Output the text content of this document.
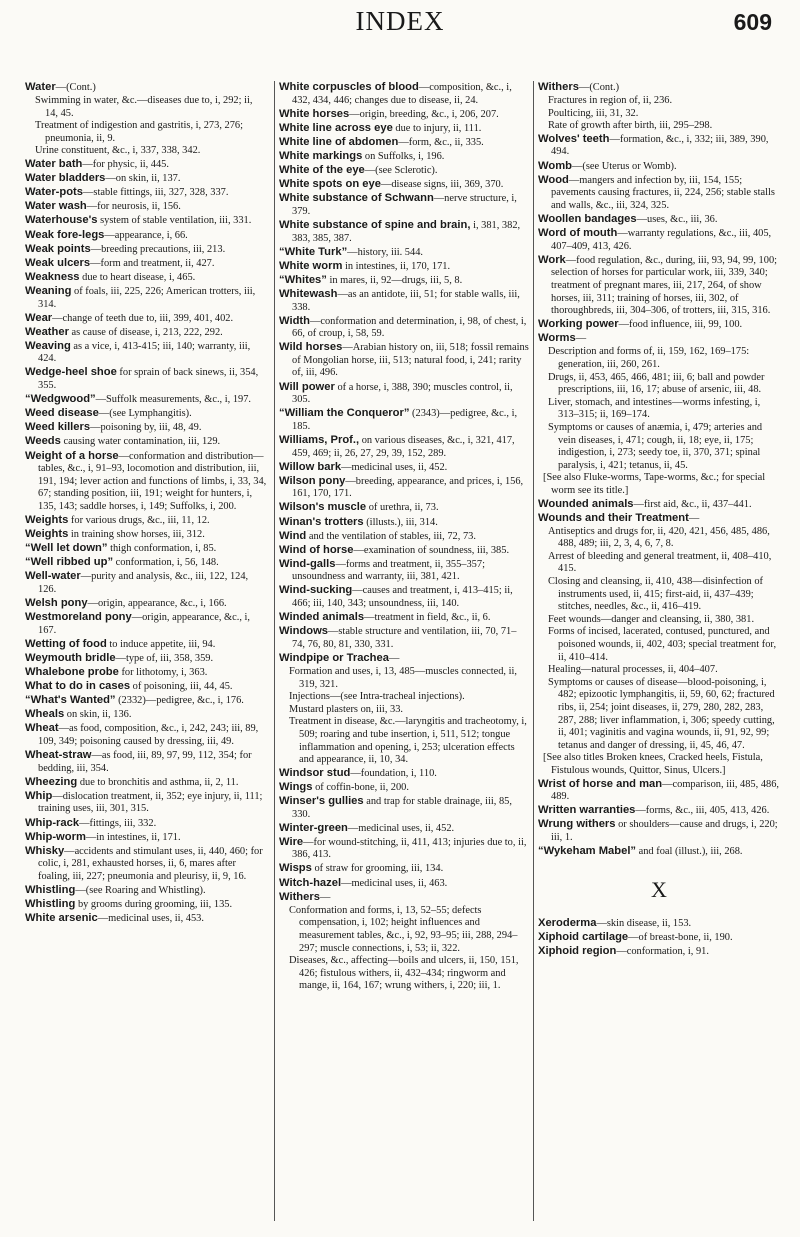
INDEX	609
Water—(Cont.)
Swimming in water, &c.—diseases due to, i, 292; ii, 14, 45.
Treatment of indigestion and gastritis, i, 273, 276; pneumonia, ii, 9.
Urine constituent, &c., i, 337, 338, 342.
Water bath—for physic, ii, 445.
Water bladders—on skin, ii, 137.
Water-pots—stable fittings, iii, 327, 328, 337.
Water wash—for neurosis, ii, 156.
Waterhouse's system of stable ventilation, iii, 331.
Weak fore-legs—appearance, i, 66.
Weak points—breeding precautions, iii, 213.
Weak ulcers—form and treatment, ii, 427.
Weakness due to heart disease, i, 465.
Weaning of foals, iii, 225, 226; American trotters, iii, 314.
Wear—change of teeth due to, iii, 399, 401, 402.
Weather as cause of disease, i, 213, 222, 292.
Weaving as a vice, i, 413-415; iii, 140; warranty, iii, 424.
Wedge-heel shoe for sprain of back sinews, ii, 354, 355.
“Wedgwood”—Suffolk measurements, &c., i, 197.
Weed disease—(see Lymphangitis).
Weed killers—poisoning by, iii, 48, 49.
Weeds causing water contamination, iii, 129.
Weight of a horse—conformation and distribution—tables, &c., i, 91–93, locomotion and distribution, iii, 191, 194; lever action and functions of limbs, i, 33, 34, 67; standing position, iii, 191; weight for hunters, i, 135, 143; saddle horses, i, 149; Suffolks, i, 200.
Weights for various drugs, &c., iii, 11, 12.
Weights in training show horses, iii, 312.
“Well let down” thigh conformation, i, 85.
“Well ribbed up” conformation, i, 56, 148.
Well-water—purity and analysis, &c., iii, 122, 124, 126.
Welsh pony—origin, appearance, &c., i, 166.
Westmoreland pony—origin, appearance, &c., i, 167.
Wetting of food to induce appetite, iii, 94.
Weymouth bridle—type of, iii, 358, 359.
Whalebone probe for lithotomy, i, 363.
What to do in cases of poisoning, iii, 44, 45.
“What's Wanted” (2332)—pedigree, &c., i, 176.
Wheals on skin, ii, 136.
Wheat—as food, composition, &c., i, 242, 243; iii, 89, 109, 349; poisoning caused by dressing, iii, 49.
Wheat-straw—as food, iii, 89, 97, 99, 112, 354; for bedding, iii, 354.
Wheezing due to bronchitis and asthma, ii, 2, 11.
Whip—dislocation treatment, ii, 352; eye injury, ii, 111; training uses, iii, 301, 315.
Whip-rack—fittings, iii, 332.
Whip-worm—in intestines, ii, 171.
Whisky—accidents and stimulant uses, ii, 440, 460; for colic, i, 281, exhausted horses, ii, 6, mares after foaling, iii, 227; pneumonia and pleurisy, ii, 9, 16.
Whistling—(see Roaring and Whistling).
Whistling by grooms during grooming, iii, 135.
White arsenic—medicinal uses, ii, 453.
White corpuscles of blood—composition, &c., i, 432, 434, 446; changes due to disease, ii, 24.
White horses—origin, breeding, &c., i, 206, 207.
White line across eye due to injury, ii, 111.
White line of abdomen—form, &c., ii, 335.
White markings on Suffolks, i, 196.
White of the eye—(see Sclerotic).
White spots on eye—disease signs, iii, 369, 370.
White substance of Schwann—nerve structure, i, 379.
White substance of spine and brain, i, 381, 382, 383, 385, 387.
“White Turk”—history, iii. 544.
White worm in intestines, ii, 170, 171.
“Whites” in mares, ii, 92—drugs, iii, 5, 8.
Whitewash—as an antidote, iii, 51; for stable walls, iii, 338.
Width—conformation and determination, i, 98, of chest, i, 66, of croup, i, 58, 59.
Wild horses—Arabian history on, iii, 518; fossil remains of Mongolian horse, iii, 513; natural food, i, 241; rarity of, iii, 496.
Will power of a horse, i, 388, 390; muscles control, ii, 305.
“William the Conqueror” (2343)—pedigree, &c., i, 185.
Williams, Prof., on various diseases, &c., i, 321, 417, 459, 469; ii, 26, 27, 29, 39, 152, 289.
Willow bark—medicinal uses, ii, 452.
Wilson pony—breeding, appearance, and prices, i, 156, 161, 170, 171.
Wilson's muscle of urethra, ii, 73.
Winan's trotters (illusts.), iii, 314.
Wind and the ventilation of stables, iii, 72, 73.
Wind of horse—examination of soundness, iii, 385.
Wind-galls—forms and treatment, ii, 355–357; unsoundness and warranty, iii, 381, 421.
Wind-sucking—causes and treatment, i, 413–415; ii, 466; iii, 140, 343; unsoundness, iii, 140.
Winded animals—treatment in field, &c., ii, 6.
Windows—stable structure and ventilation, iii, 70, 71–74, 76, 80, 81, 330, 331.
Windpipe or Trachea—
Formation and uses, i, 13, 485—muscles connected, ii, 319, 321.
Injections—(see Intra-tracheal injections).
Mustard plasters on, iii, 33.
Treatment in disease, &c.—laryngitis and tracheotomy, i, 509; roaring and tube insertion, i, 511, 512; tongue inflammation and opening, i, 253; ulceration effects and appearance, ii, 10, 34.
Windsor stud—foundation, i, 110.
Wings of coffin-bone, ii, 200.
Winser's gullies and trap for stable drainage, iii, 85, 330.
Winter-green—medicinal uses, ii, 452.
Wire—for wound-stitching, ii, 411, 413; injuries due to, ii, 386, 413.
Wisps of straw for grooming, iii, 134.
Witch-hazel—medicinal uses, ii, 463.
Withers—
Conformation and forms, i, 13, 52–55; defects compensation, i, 102; height influences and measurement tables, &c., i, 92, 93–95; iii, 288, 294–297; muscle connections, i, 53; ii, 322.
Diseases, &c., affecting—boils and ulcers, ii, 150, 151, 426; fistulous withers, ii, 432–434; ringworm and mange, ii, 164, 167; wrung withers, i, 220; iii, 1.
Withers—(Cont.)
Fractures in region of, ii, 236.
Poulticing, iii, 31, 32.
Rate of growth after birth, iii, 295–298.
Wolves' teeth—formation, &c., i, 332; iii, 389, 390, 494.
Womb—(see Uterus or Womb).
Wood—mangers and infection by, iii, 154, 155; pavements causing fractures, ii, 224, 256; stable stalls and walls, &c., iii, 324, 325.
Woollen bandages—uses, &c., iii, 36.
Word of mouth—warranty regulations, &c., iii, 405, 407–409, 413, 426.
Work—food regulation, &c., during, iii, 93, 94, 99, 100; selection of horses for particular work, iii, 339, 340; treatment of pregnant mares, iii, 217, 264, of show horses, iii, 311; training of horses, iii, 302, of thoroughbreds, iii, 304–306, of trotters, iii, 315, 316.
Working power—food influence, iii, 99, 100.
Worms—
Description and forms of, ii, 159, 162, 169–175: generation, iii, 260, 261.
Drugs, ii, 453, 465, 466, 481; iii, 6; ball and powder prescriptions, iii, 16, 17; abuse of arsenic, iii, 48.
Liver, stomach, and intestines—worms infesting, i, 313–315; ii, 169–174.
Symptoms or causes of anæmia, i, 479; arteries and vein diseases, i, 471; cough, ii, 18; eye, ii, 175; indigestion, i, 273; seedy toe, ii, 370, 371; spinal paralysis, i, 421; tetanus, ii, 45.
[See also Fluke-worms, Tape-worms, &c.; for special worm see its title.]
Wounded animals—first aid, &c., ii, 437–441.
Wounds and their Treatment—
Antiseptics and drugs for, ii, 420, 421, 456, 485, 486, 488, 489; iii, 2, 3, 4, 6, 7, 8.
Arrest of bleeding and general treatment, ii, 408–410, 415.
Closing and cleansing, ii, 410, 438—disinfection of instruments used, ii, 415; first-aid, ii, 437–439; stitches, needles, &c., ii, 416–419.
Feet wounds—danger and cleansing, ii, 380, 381.
Forms of incised, lacerated, contused, punctured, and poisoned wounds, ii, 402, 403; special treatment for, ii, 410–414.
Healing—natural processes, ii, 404–407.
Symptoms or causes of disease—blood-poisoning, i, 482; epizootic lymphangitis, ii, 59, 60, 62; fractured ribs, ii, 254; joint diseases, ii, 279, 280, 282, 283, 287, 288; liver inflammation, i, 306; speedy cutting, ii, 401; vaginitis and vagina wounds, ii, 91, 92, 99; tetanus and danger of dressing, ii, 45, 46, 47.
[See also titles Broken knees, Cracked heels, Fistula, Fistulous wounds, Quittor, Sinus, Ulcers.]
Wrist of horse and man—comparison, iii, 485, 486, 489.
Written warranties—forms, &c., iii, 405, 413, 426.
Wrung withers or shoulders—cause and drugs, i, 220; iii, 1.
“Wykeham Mabel” and foal (illust.), iii, 268.
X
Xeroderma—skin disease, ii, 153.
Xiphoid cartilage—of breast-bone, ii, 190.
Xiphoid region—conformation, i, 91.
